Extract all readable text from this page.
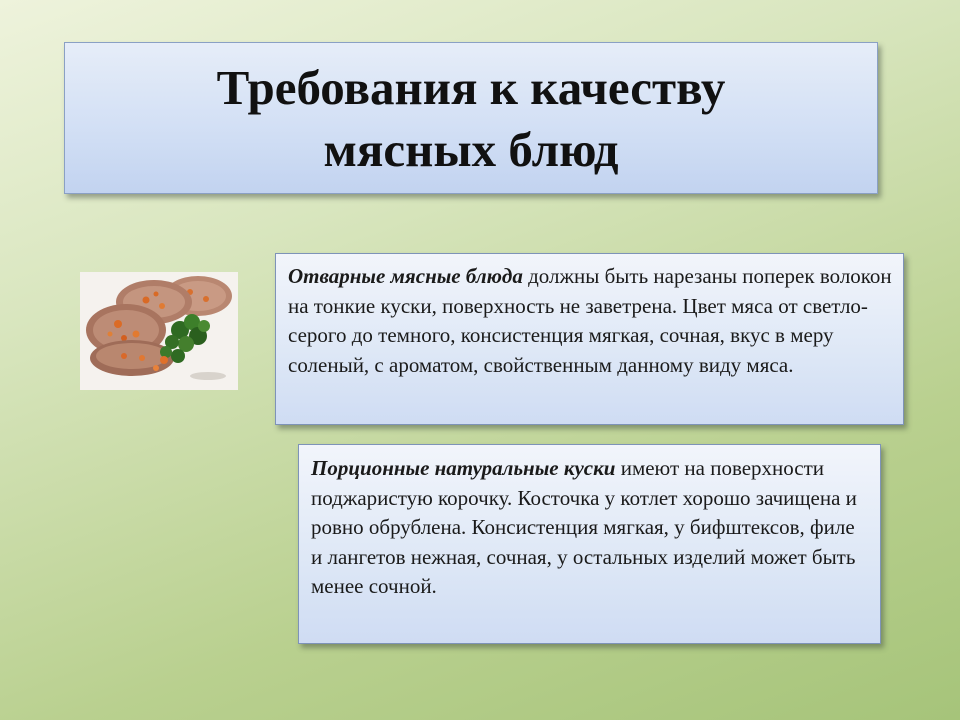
Требования к качеству
мясных блюд
Отварные мясные блюда должны быть нарезаны поперек волокон на тонкие куски, поверхность не заветрена. Цвет мяса от светло-серого до темного, консистенция мягкая, сочная, вкус в меру соленый, с ароматом, свойственным данному виду мяса.
Порционные натуральные куски имеют на поверхности поджаристую корочку. Косточка у котлет хорошо зачищена и ровно обрублена. Консистенция мягкая, у бифштексов, филе и лангетов нежная, сочная, у остальных изделий может быть менее сочной.
